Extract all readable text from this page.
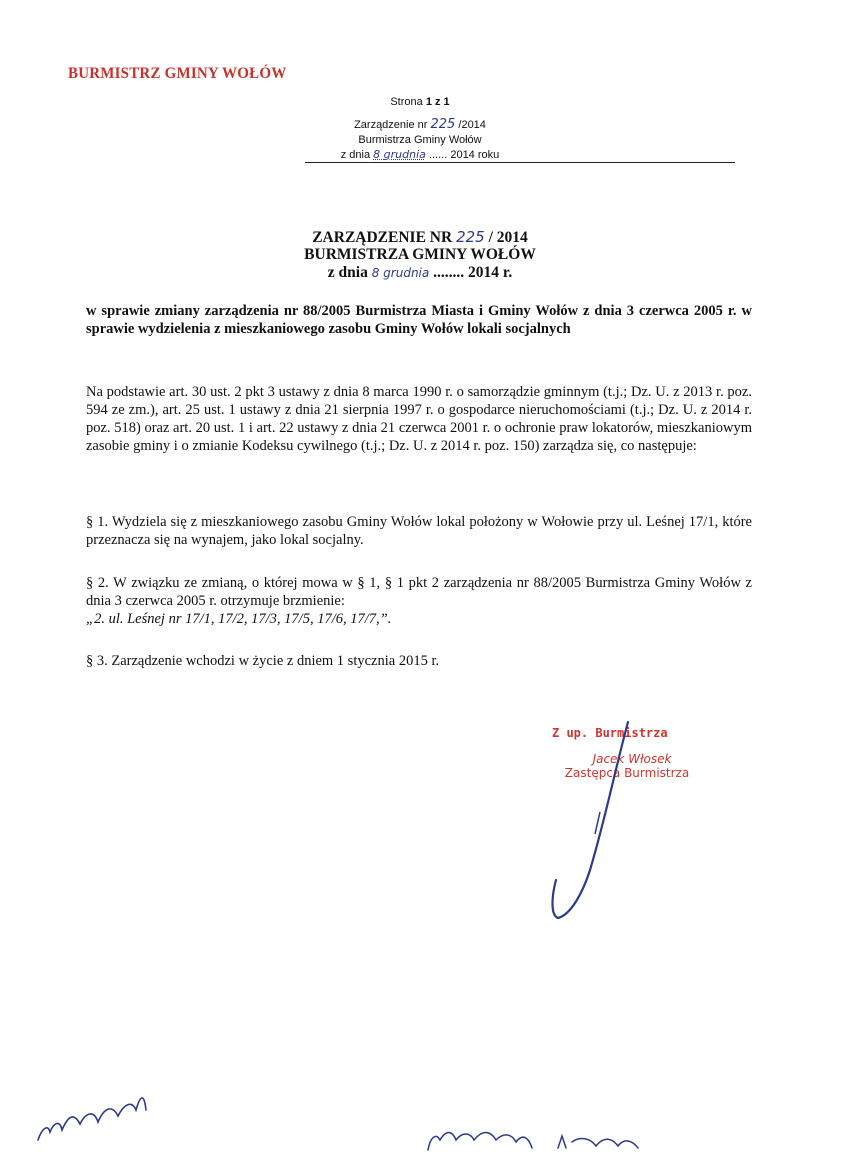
BURMISTRZ GMINY WOŁÓW
Strona 1 z 1
Zarządzenie nr 225 /2014
Burmistrza Gminy Wołów
z dnia 8 grudnia ...... 2014 roku
ZARZĄDZENIE NR 225 / 2014
BURMISTRZA GMINY WOŁÓW
z dnia 8 grudnia ........ 2014 r.
w sprawie zmiany zarządzenia nr 88/2005 Burmistrza Miasta i Gminy Wołów z dnia 3 czerwca 2005 r. w sprawie wydzielenia z mieszkaniowego zasobu Gminy Wołów lokali socjalnych
Na podstawie art. 30 ust. 2 pkt 3 ustawy z dnia 8 marca 1990 r. o samorządzie gminnym (t.j.; Dz. U. z 2013 r. poz. 594 ze zm.), art. 25 ust. 1 ustawy z dnia 21 sierpnia 1997 r. o gospodarce nieruchomościami (t.j.; Dz. U. z 2014 r. poz. 518) oraz art. 20 ust. 1 i art. 22 ustawy z dnia 21 czerwca 2001 r. o ochronie praw lokatorów, mieszkaniowym zasobie gminy i o zmianie Kodeksu cywilnego (t.j.; Dz. U. z 2014 r. poz. 150) zarządza się, co następuje:
§ 1. Wydziela się z mieszkaniowego zasobu Gminy Wołów lokal położony w Wołowie przy ul. Leśnej 17/1, które przeznacza się na wynajem, jako lokal socjalny.
§ 2. W związku ze zmianą, o której mowa w § 1, § 1 pkt 2 zarządzenia nr 88/2005 Burmistrza Gminy Wołów z dnia 3 czerwca 2005 r. otrzymuje brzmienie:
„2. ul. Leśnej nr 17/1, 17/2, 17/3, 17/5, 17/6, 17/7,”.
§ 3. Zarządzenie wchodzi w życie z dniem 1 stycznia 2015 r.
Z up. Burmistrza
Jacek Włosek
Zastępca Burmistrza
